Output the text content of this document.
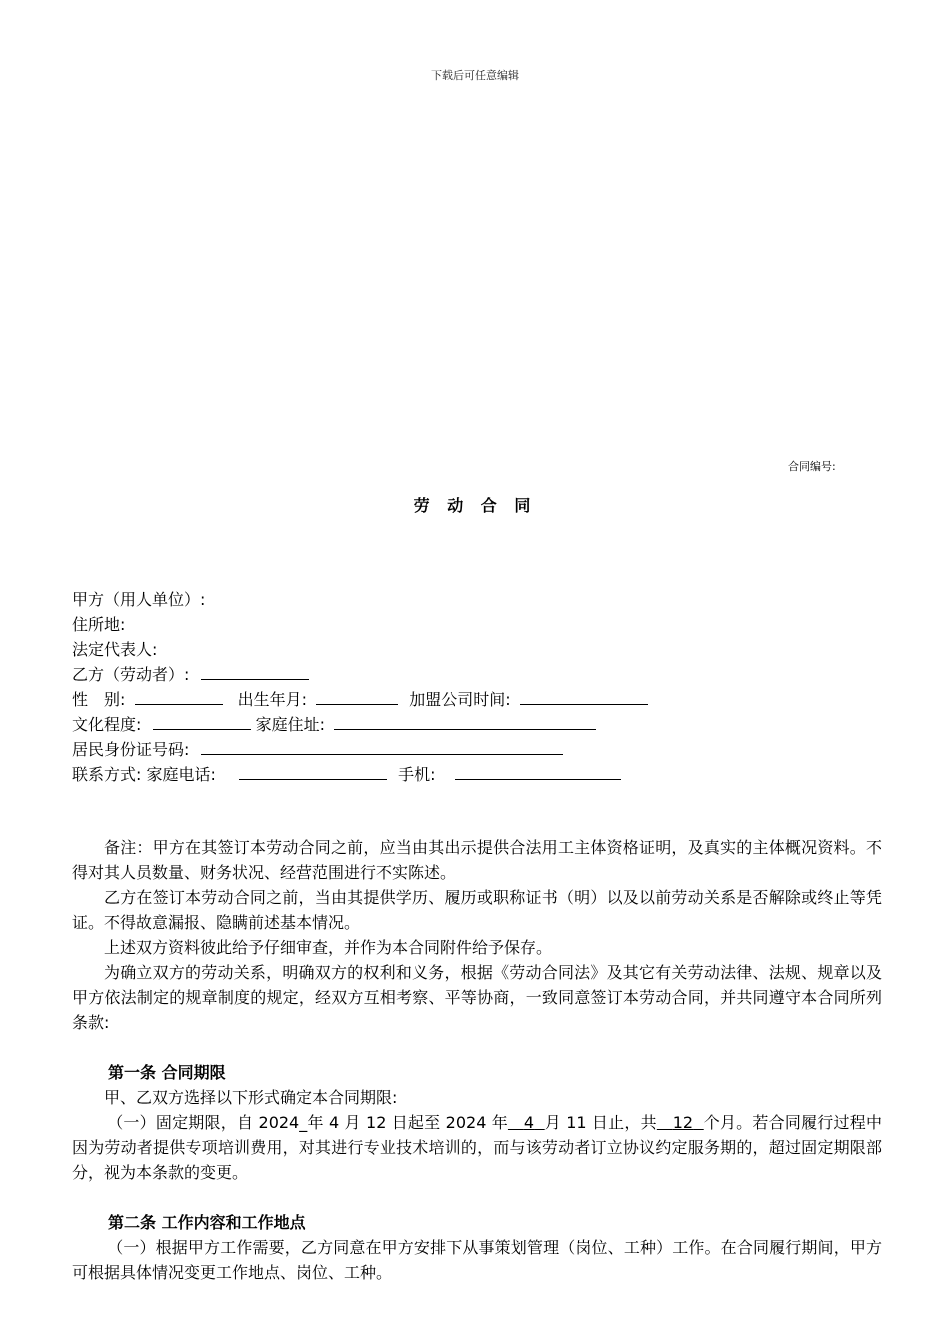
下载后可任意编辑
合同编号:
劳 动 合 同
甲方（用人单位）:
住所地:
法定代表人:
乙方（劳动者）:
性　别:	出生年月:	加盟公司时间:
文化程度:	家庭住址:
居民身份证号码:
联系方式: 家庭电话:	手机:

备注：甲方在其签订本劳动合同之前，应当由其出示提供合法用工主体资格证明，及真实的主体概况资料。不得对其人员数量、财务状况、经营范围进行不实陈述。

乙方在签订本劳动合同之前，当由其提供学历、履历或职称证书（明）以及以前劳动关系是否解除或终止等凭证。不得故意漏报、隐瞒前述基本情况。

上述双方资料彼此给予仔细审查，并作为本合同附件给予保存。

为确立双方的劳动关系，明确双方的权利和义务，根据《劳动合同法》及其它有关劳动法律、法规、规章以及甲方依法制定的规章制度的规定，经双方互相考察、平等协商，一致同意签订本劳动合同，并共同遵守本合同所列条款:

第一条 合同期限

甲、乙双方选择以下形式确定本合同期限:

（一）固定期限，自 2024_年 4 月 12 日起至 2024 年 4 月 11 日止，共 12 个月。若合同履行过程中因为劳动者提供专项培训费用，对其进行专业技术培训的，而与该劳动者订立协议约定服务期的，超过固定期限部分，视为本条款的变更。

第二条 工作内容和工作地点

（一）根据甲方工作需要，乙方同意在甲方安排下从事策划管理（岗位、工种）工作。在合同履行期间，甲方可根据具体情况变更工作地点、岗位、工种。
